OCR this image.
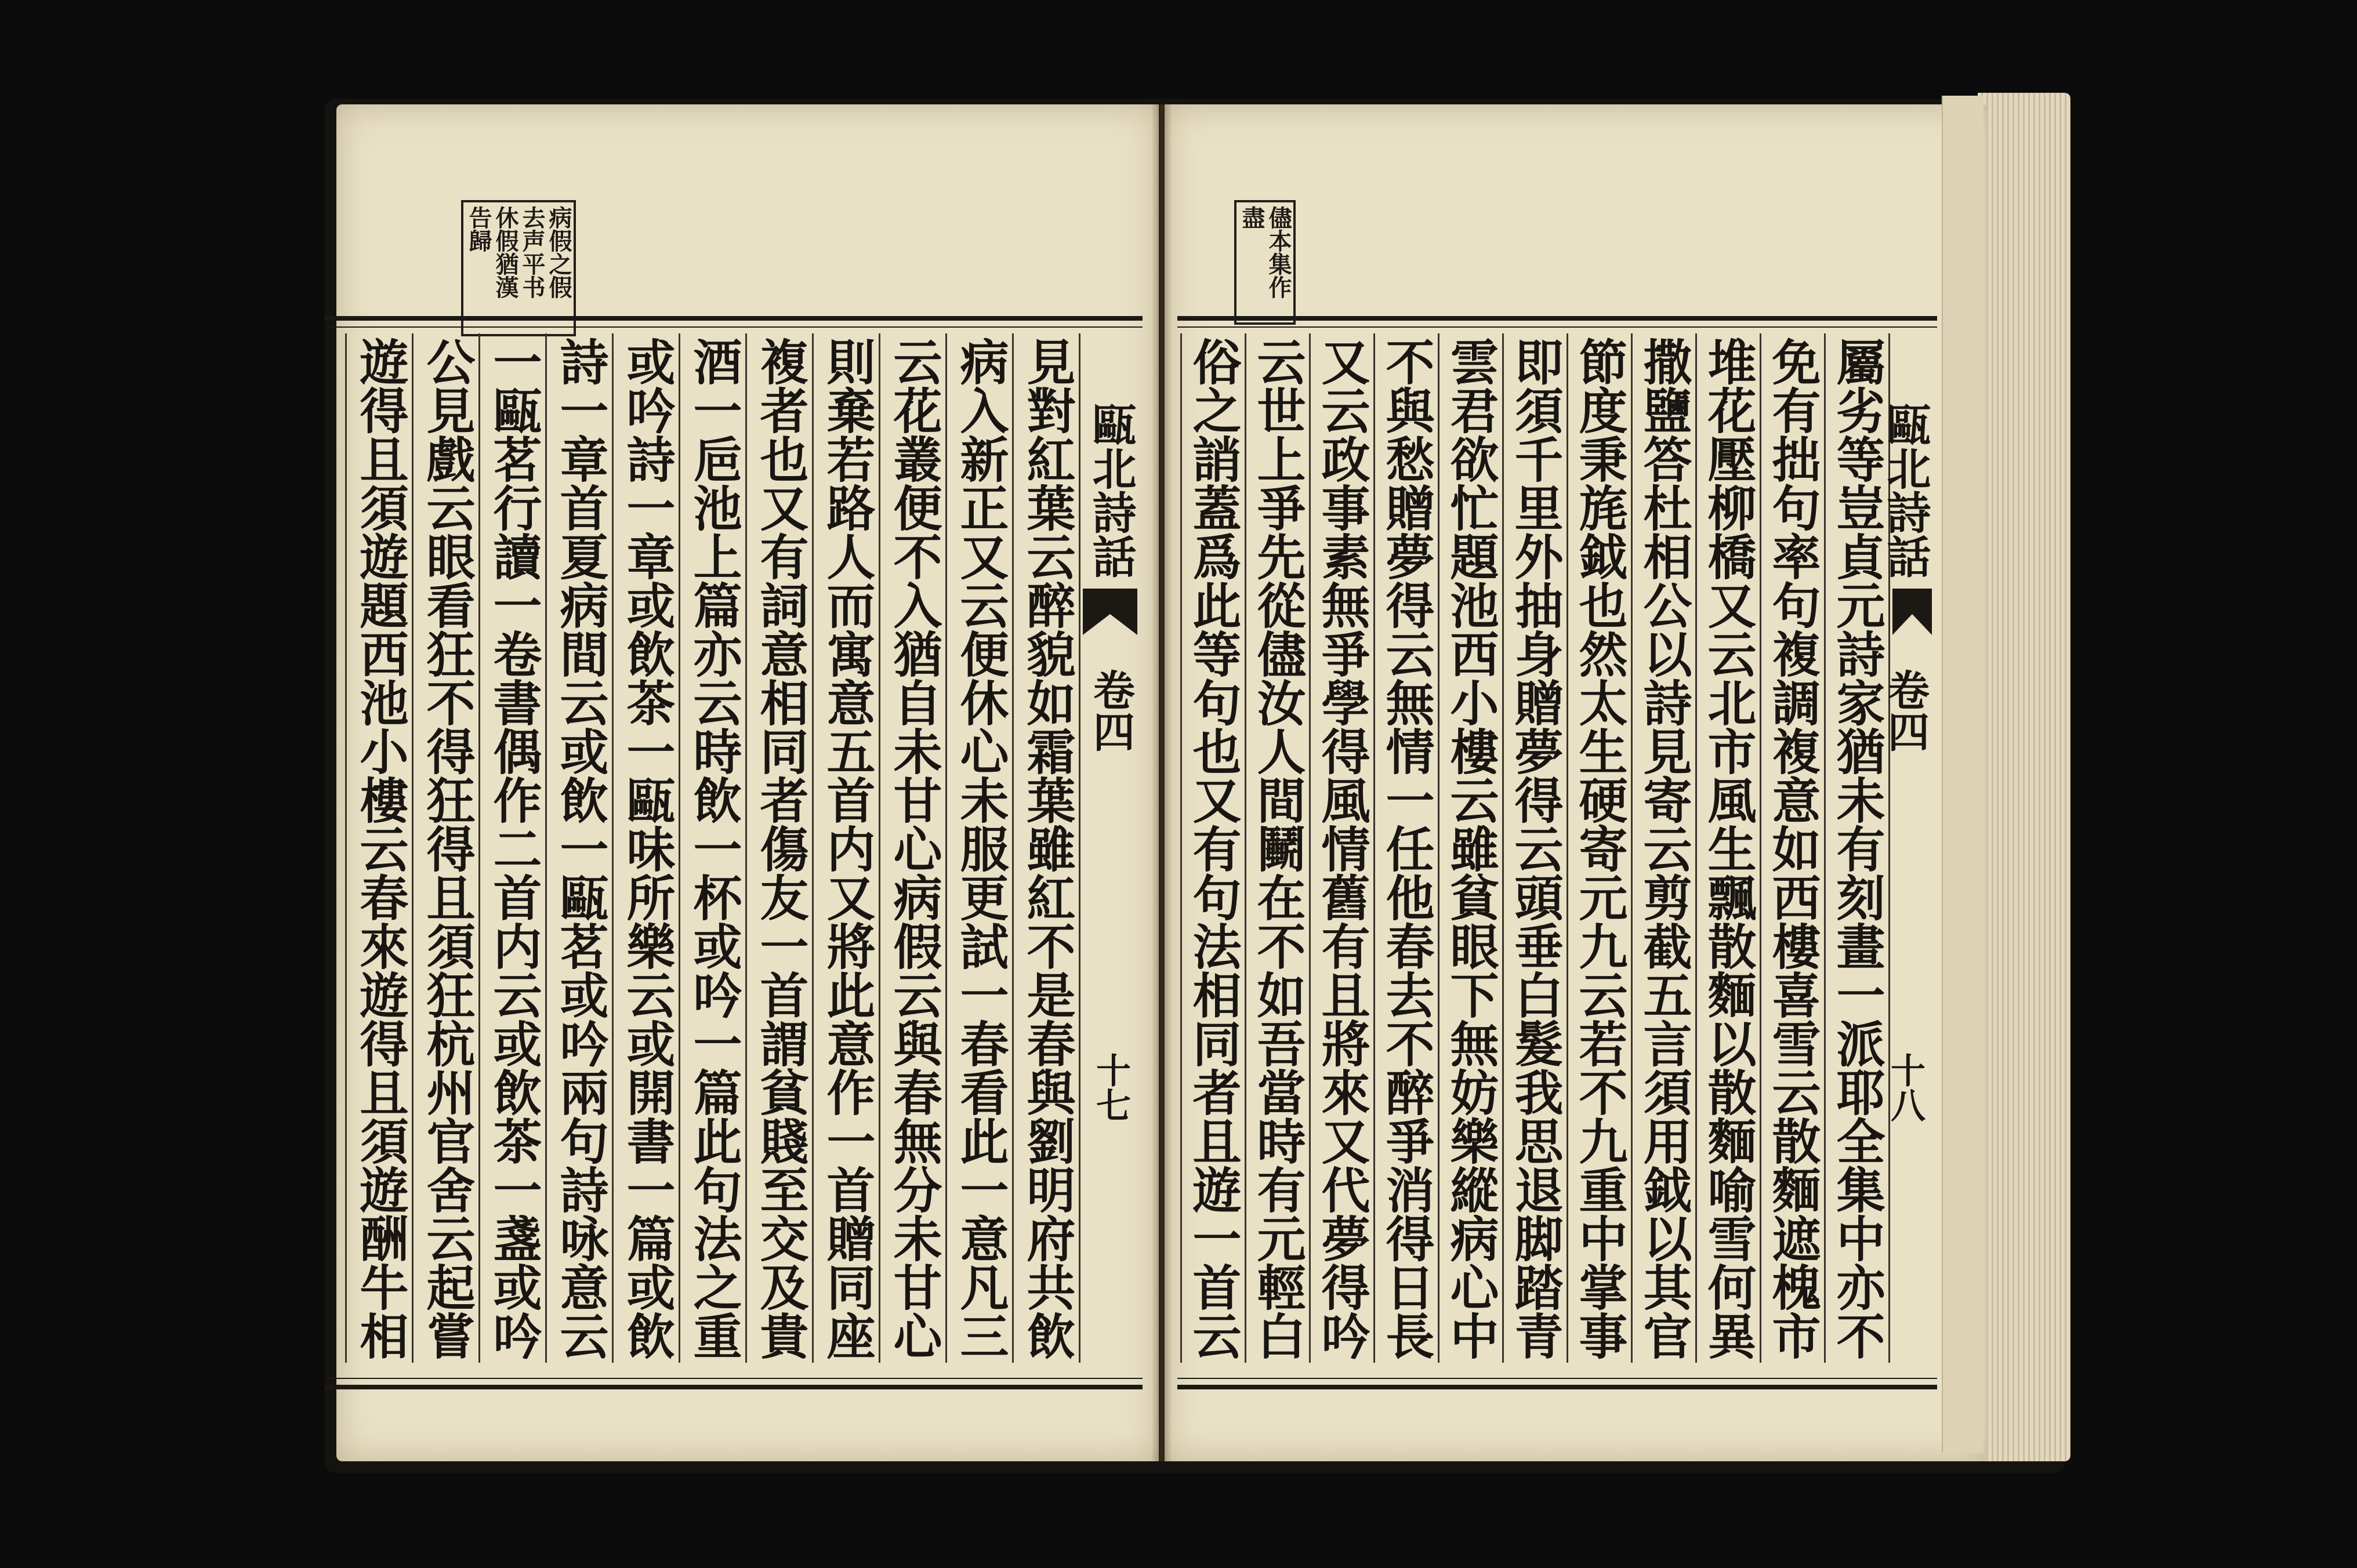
病假之假
去声平书
休假猶漢
告歸	儘本集作
盡
甌北詩話
卷四
十七
見對紅葉云醉貌如霜葉雖紅不是春與劉明府共飲
病入新正又云便休心未服更試一春看此一意凡三
云花叢便不入猶自未甘心病假云與春無分未甘心
則棄若路人而寓意五首内又將此意作一首贈同座
複者也又有詞意相同者傷友一首謂貧賤至交及貴
酒一巵池上篇亦云時飲一杯或吟一篇此句法之重
或吟詩一章或飲茶一甌味所樂云或開書一篇或飲
詩一章首夏病間云或飲一甌茗或吟兩句詩咏意云
一甌茗行讀一卷書偶作二首内云或飲茶一盞或吟
公見戲云眼看狂不得狂得且須狂杭州官舍云起嘗
遊得且須遊題西池小樓云春來遊得且須遊酬牛相	甌北詩話
卷四
十八
屬劣等豈貞元詩家猶未有刻畫一派耶全集中亦不
免有拙句率句複調複意如西樓喜雪云散麵遮槐市
堆花壓柳橋又云北市風生飄散麵以散麵喻雪何異
撒鹽答杜相公以詩見寄云剪截五言須用鉞以其官
節度秉旄鉞也然太生硬寄元九云若不九重中掌事
即須千里外抽身贈夢得云頭垂白髮我思退脚踏青
雲君欲忙題池西小樓云雖貧眼下無妨樂縱病心中
不與愁贈夢得云無情一任他春去不醉爭消得日長
又云政事素無爭學得風情舊有且將來又代夢得吟
云世上爭先從儘汝人間鬭在不如吾當時有元輕白
俗之誚蓋爲此等句也又有句法相同者且遊一首云
